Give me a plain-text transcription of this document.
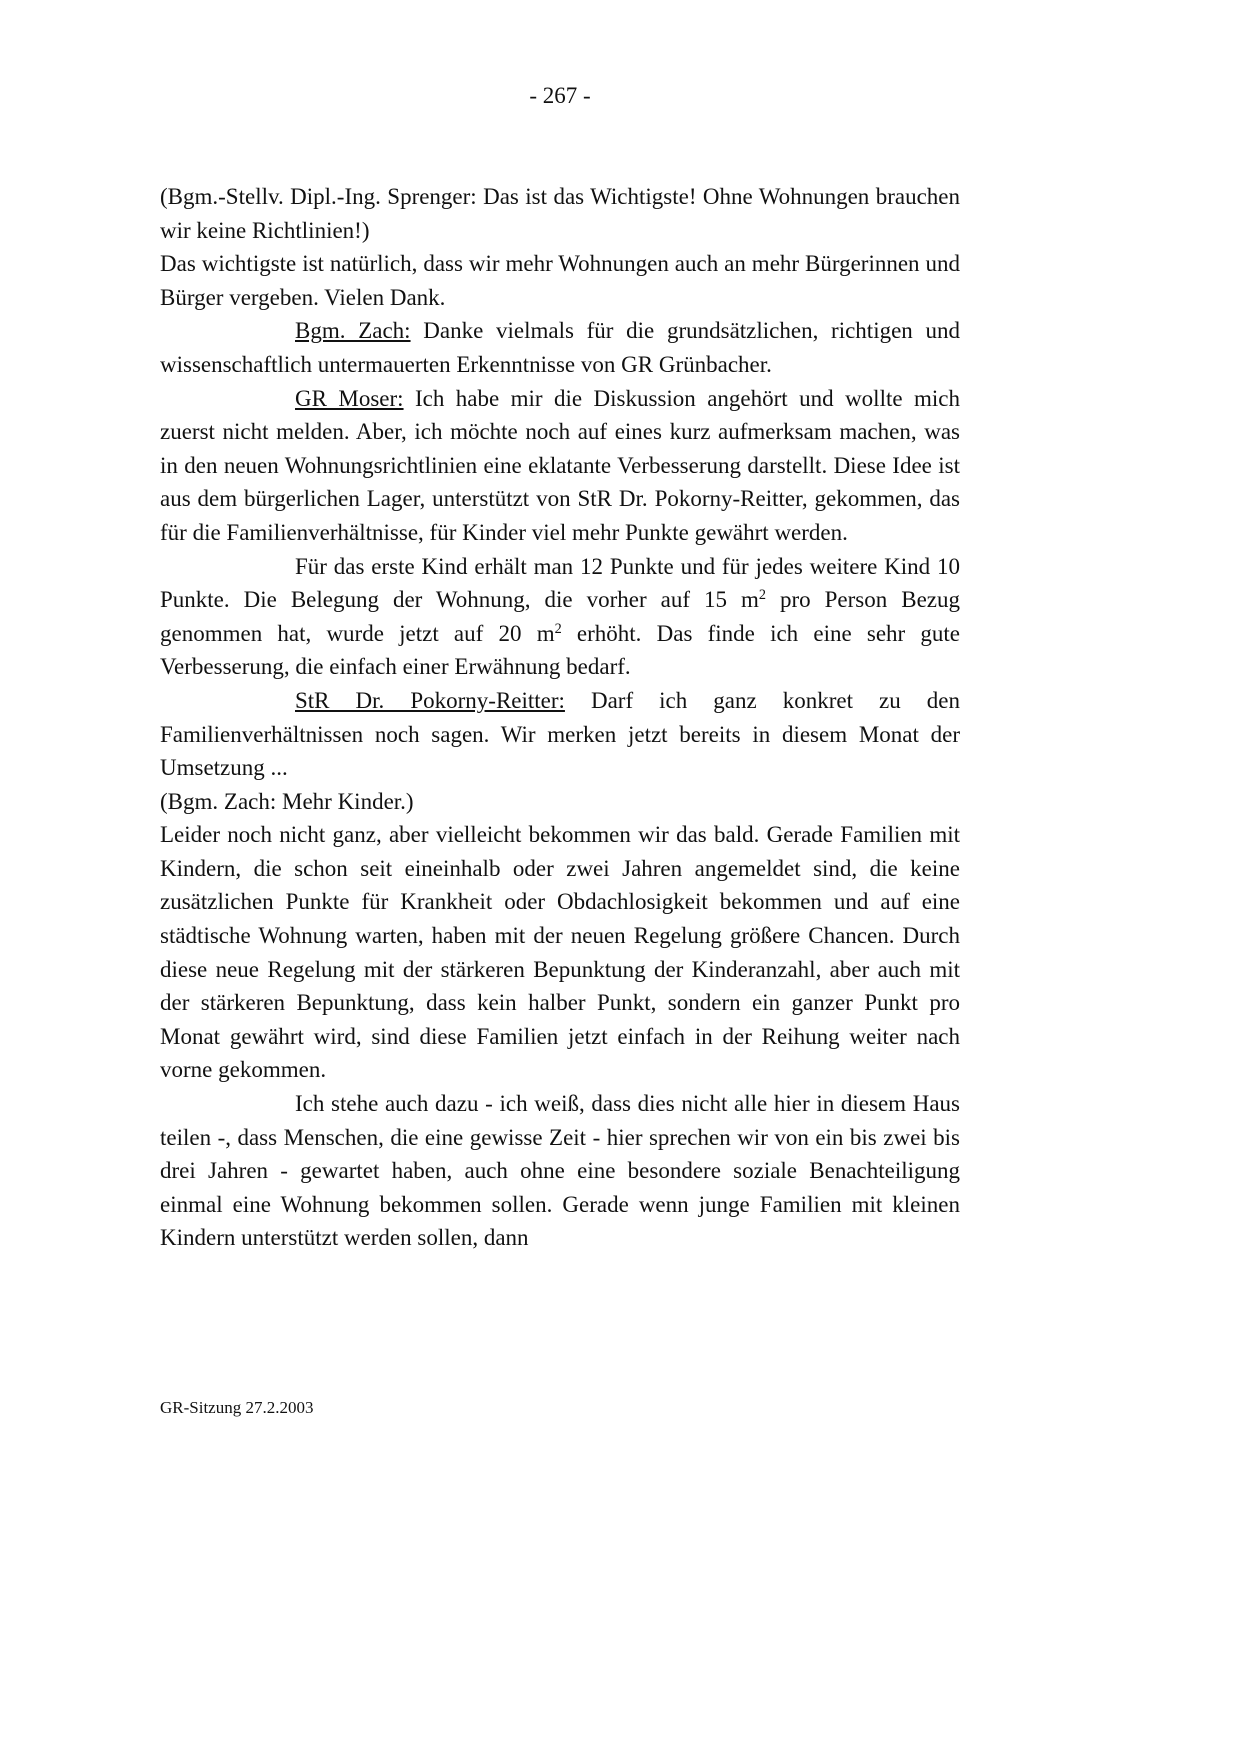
- 267 -

(Bgm.-Stellv. Dipl.-Ing. Sprenger: Das ist das Wichtigste! Ohne Wohnungen brauchen wir keine Richtlinien!)

Das wichtigste ist natürlich, dass wir mehr Wohnungen auch an mehr Bürgerinnen und Bürger vergeben. Vielen Dank.

Bgm. Zach: Danke vielmals für die grundsätzlichen, richtigen und wissenschaftlich untermauerten Erkenntnisse von GR Grünbacher.

GR Moser: Ich habe mir die Diskussion angehört und wollte mich zuerst nicht melden. Aber, ich möchte noch auf eines kurz aufmerksam machen, was in den neuen Wohnungsrichtlinien eine eklatante Verbesserung darstellt. Diese Idee ist aus dem bürgerlichen Lager, unterstützt von StR Dr. Pokorny-Reitter, gekommen, das für die Familienverhältnisse, für Kinder viel mehr Punkte gewährt werden.

Für das erste Kind erhält man 12 Punkte und für jedes weitere Kind 10 Punkte. Die Belegung der Wohnung, die vorher auf 15 $m^2$ pro Person Bezug genommen hat, wurde jetzt auf 20 $m^2$ erhöht. Das finde ich eine sehr gute Verbesserung, die einfach einer Erwähnung bedarf.

StR Dr. Pokorny-Reitter: Darf ich ganz konkret zu den Familienverhältnissen noch sagen. Wir merken jetzt bereits in diesem Monat der Umsetzung ...

(Bgm. Zach: Mehr Kinder.)

Leider noch nicht ganz, aber vielleicht bekommen wir das bald. Gerade Familien mit Kindern, die schon seit eineinhalb oder zwei Jahren angemeldet sind, die keine zusätzlichen Punkte für Krankheit oder Obdachlosigkeit bekommen und auf eine städtische Wohnung warten, haben mit der neuen Regelung größere Chancen. Durch diese neue Regelung mit der stärkeren Bepunktung der Kinderanzahl, aber auch mit der stärkeren Bepunktung, dass kein halber Punkt, sondern ein ganzer Punkt pro Monat gewährt wird, sind diese Familien jetzt einfach in der Reihung weiter nach vorne gekommen.

Ich stehe auch dazu - ich weiß, dass dies nicht alle hier in diesem Haus teilen -, dass Menschen, die eine gewisse Zeit - hier sprechen wir von ein bis zwei bis drei Jahren - gewartet haben, auch ohne eine besondere soziale Benachteiligung einmal eine Wohnung bekommen sollen. Gerade wenn junge Familien mit kleinen Kindern unterstützt werden sollen, dann

GR-Sitzung 27.2.2003
